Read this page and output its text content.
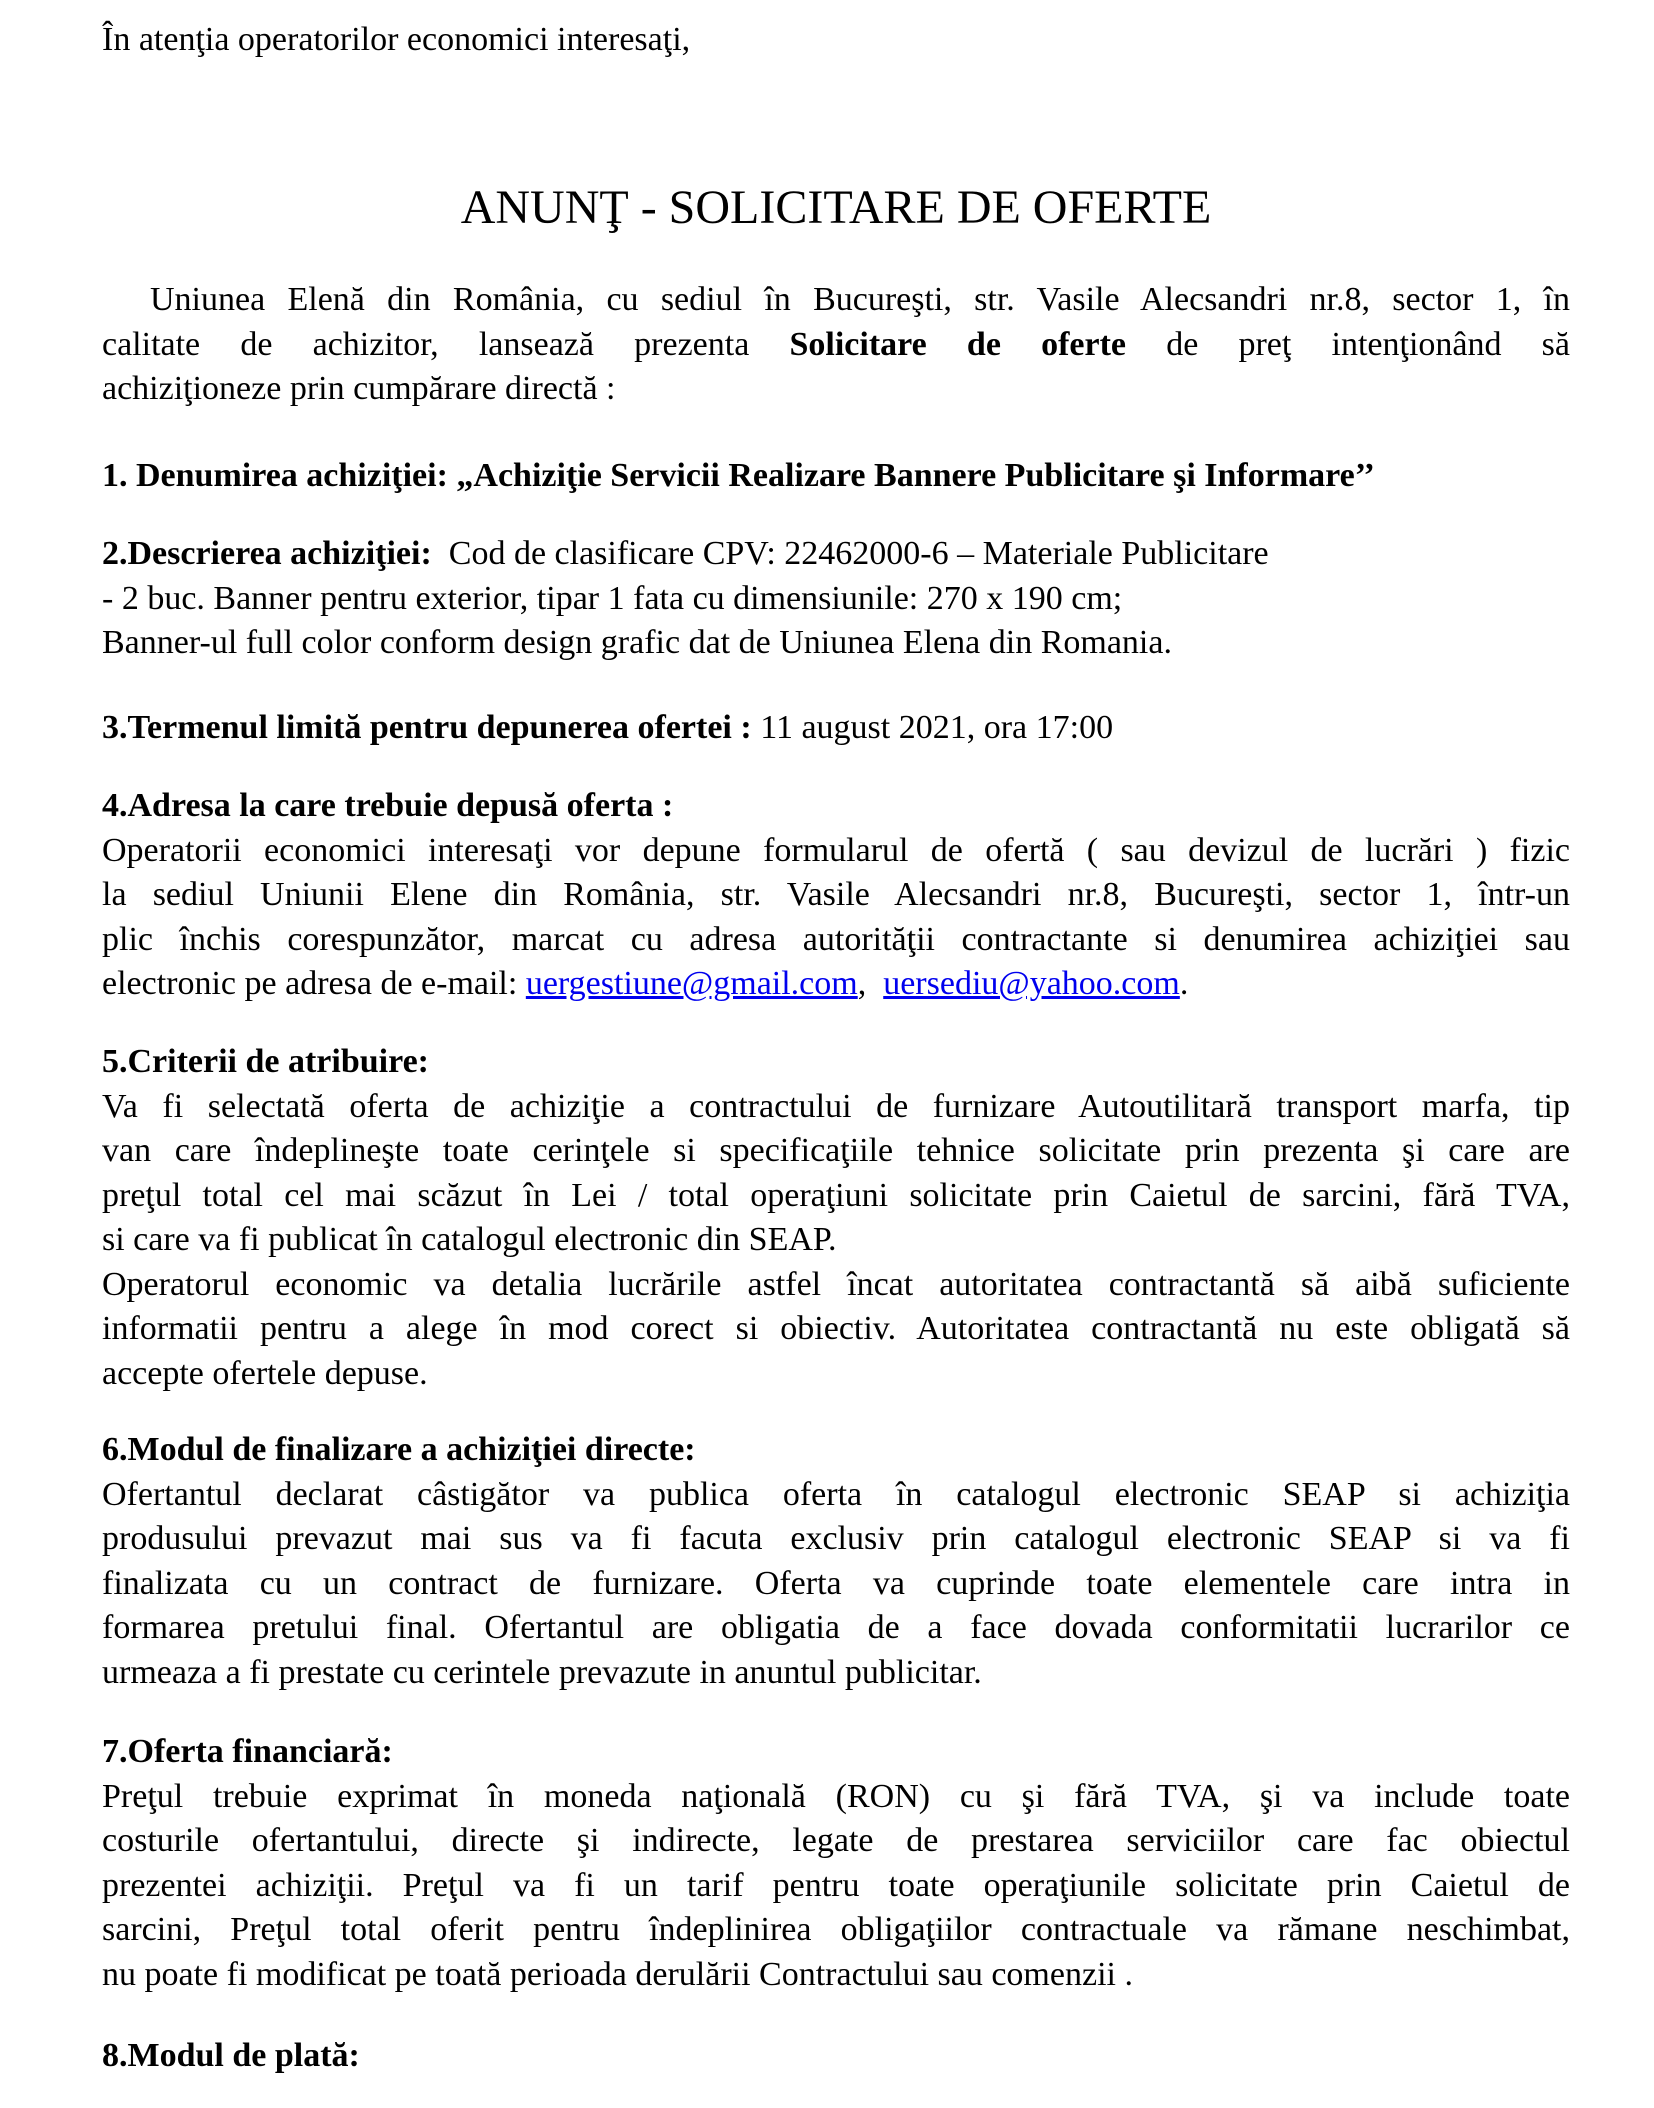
În atenţia operatorilor economici interesaţi,
ANUNŢ - SOLICITARE DE OFERTE
Uniunea Elenă din România, cu sediul în Bucureşti, str. Vasile Alecsandri nr.8, sector 1, în
calitate de achizitor, lansează prezenta Solicitare de oferte de preţ intenţionând să
achiziţioneze prin cumpărare directă :
1. Denumirea achiziţiei: „Achiziţie Servicii Realizare Bannere Publicitare şi Informare’’
2.Descrierea achiziţiei:  Cod de clasificare CPV: 22462000-6 – Materiale Publicitare
- 2 buc. Banner pentru exterior, tipar 1 fata cu dimensiunile: 270 x 190 cm;
Banner-ul full color conform design grafic dat de Uniunea Elena din Romania.
3.Termenul limită pentru depunerea ofertei : 11 august 2021, ora 17:00
4.Adresa la care trebuie depusă oferta :
Operatorii economici interesaţi vor depune formularul de ofertă ( sau devizul de lucrări ) fizic
la sediul Uniunii Elene din România, str. Vasile Alecsandri nr.8, Bucureşti, sector 1, într-un
plic închis corespunzător, marcat cu adresa autorităţii contractante si denumirea achiziţiei sau
electronic pe adresa de e-mail: uergestiune@gmail.com,  uersediu@yahoo.com.
5.Criterii de atribuire:
Va fi selectată oferta de achiziţie a contractului de furnizare Autoutilitară transport marfa, tip
van care îndeplineşte toate cerinţele si specificaţiile tehnice solicitate prin prezenta şi care are
preţul total cel mai scăzut în Lei / total operaţiuni solicitate prin Caietul de sarcini, fără TVA,
si care va fi publicat în catalogul electronic din SEAP.
Operatorul economic va detalia lucrările astfel încat autoritatea contractantă să aibă suficiente
informatii pentru a alege în mod corect si obiectiv. Autoritatea contractantă nu este obligată să
accepte ofertele depuse.
6.Modul de finalizare a achiziţiei directe:
Ofertantul declarat câstigător va publica oferta în catalogul electronic SEAP si achiziţia
produsului prevazut mai sus va fi facuta exclusiv prin catalogul electronic SEAP si va fi
finalizata cu un contract de furnizare. Oferta va cuprinde toate elementele care intra in
formarea pretului final. Ofertantul are obligatia de a face dovada conformitatii lucrarilor ce
urmeaza a fi prestate cu cerintele prevazute in anuntul publicitar.
7.Oferta financiară:
Preţul trebuie exprimat în moneda naţională (RON) cu şi fără TVA, şi va include toate
costurile ofertantului, directe şi indirecte, legate de prestarea serviciilor care fac obiectul
prezentei achiziţii. Preţul va fi un tarif pentru toate operaţiunile solicitate prin Caietul de
sarcini, Preţul total oferit pentru îndeplinirea obligaţiilor contractuale va rămane neschimbat,
nu poate fi modificat pe toată perioada derulării Contractului sau comenzii .
8.Modul de plată:
